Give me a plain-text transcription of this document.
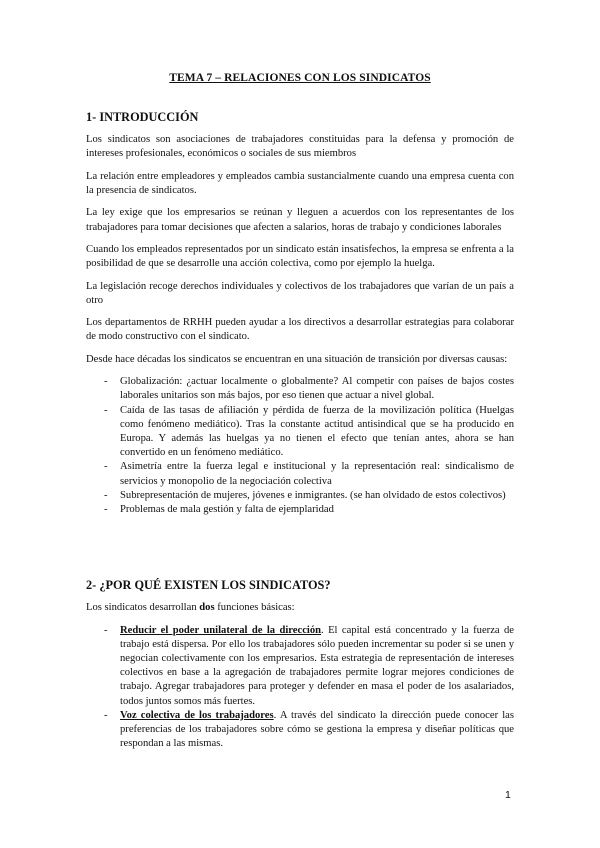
TEMA 7 – RELACIONES CON LOS SINDICATOS

1- INTRODUCCIÓN

Los sindicatos son asociaciones de trabajadores constituidas para la defensa y promoción de intereses profesionales, económicos o sociales de sus miembros

La relación entre empleadores y empleados cambia sustancialmente cuando una empresa cuenta con la presencia de sindicatos.

La ley exige que los empresarios se reúnan y lleguen a acuerdos con los representantes de los trabajadores para tomar decisiones que afecten a salarios, horas de trabajo y condiciones laborales

Cuando los empleados representados por un sindicato están insatisfechos, la empresa se enfrenta a la posibilidad de que se desarrolle una acción colectiva, como por ejemplo la huelga.

La legislación recoge derechos individuales y colectivos de los trabajadores que varían de un país a otro

Los departamentos de RRHH pueden ayudar a los directivos a desarrollar estrategias para colaborar de modo constructivo con el sindicato.

Desde hace décadas los sindicatos se encuentran en una situación de transición por diversas causas:

- Globalización: ¿actuar localmente o globalmente? Al competir con países de bajos costes laborales unitarios son más bajos, por eso tienen que actuar a nivel global.
- Caída de las tasas de afiliación y pérdida de fuerza de la movilización política (Huelgas como fenómeno mediático). Tras la constante actitud antisindical que se ha producido en Europa. Y además las huelgas ya no tienen el efecto que tenían antes, ahora se han convertido en un fenómeno mediático.
- Asimetría entre la fuerza legal e institucional y la representación real: sindicalismo de servicios y monopolio de la negociación colectiva
- Subrepresentación de mujeres, jóvenes e inmigrantes. (se han olvidado de estos colectivos)
- Problemas de mala gestión y falta de ejemplaridad

2- ¿POR QUÉ EXISTEN LOS SINDICATOS?

Los sindicatos desarrollan dos funciones básicas:

- Reducir el poder unilateral de la dirección. El capital está concentrado y la fuerza de trabajo está dispersa. Por ello los trabajadores sólo pueden incrementar su poder si se unen y negocian colectivamente con los empresarios. Esta estrategia de representación de intereses colectivos en base a la agregación de trabajadores permite lograr mejores condiciones de trabajo. Agregar trabajadores para proteger y defender en masa el poder de los asalariados, todos juntos somos más fuertes.
- Voz colectiva de los trabajadores. A través del sindicato la dirección puede conocer las preferencias de los trabajadores sobre cómo se gestiona la empresa y diseñar políticas que respondan a las mismas.
1
